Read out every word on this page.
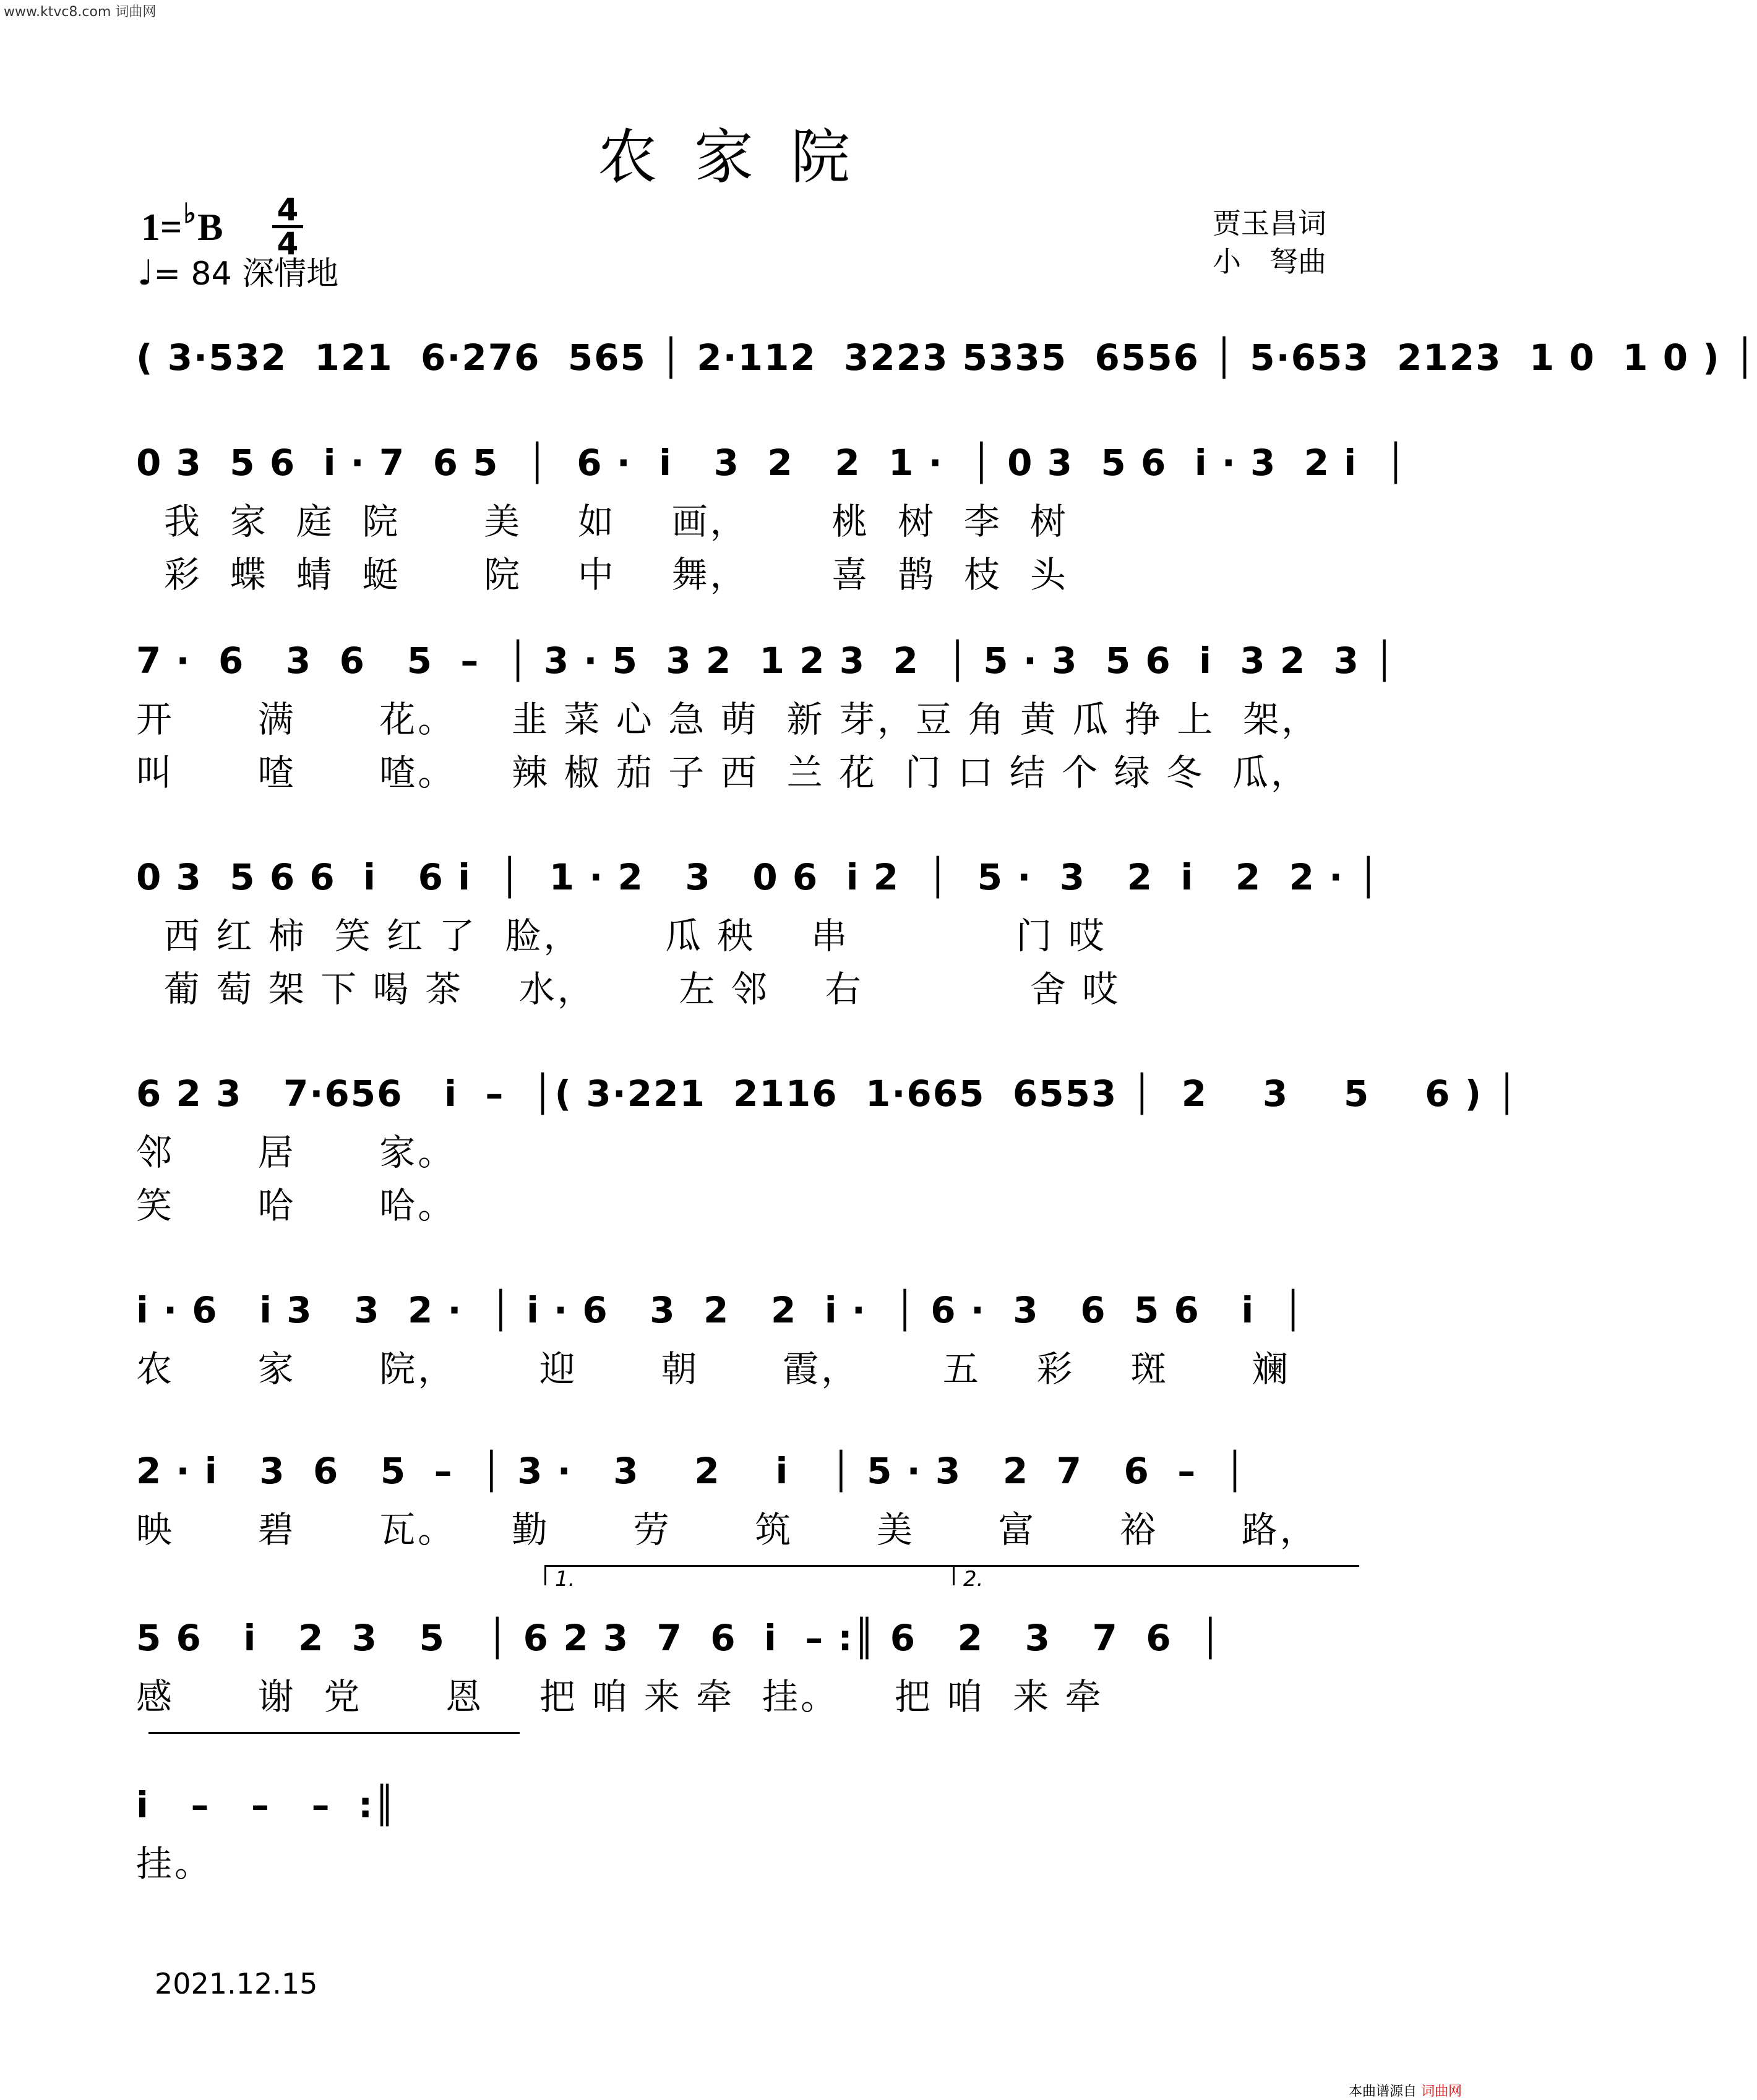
www.ktvc8.com 词曲网
农家院
1=♭B 4
4
♩= 84 深情地
贾玉昌词
小　弩曲
( 3·532  121  6·276  565 │ 2·112  3223 5335  6556 │ 5·653  2123  1 0  1 0 ) │
0 3  5 6  i · 7  6 5  │  6 ·  i   3  2   2  1 ·  │ 0 3  5 6  i · 3  2 i  │
我  家  庭  院      美    如    画，      桃  树  李  树
彩  蝶  蜻  蜓      院    中    舞，      喜  鹊  枝  头
7 ·  6   3  6   5  –  │ 3 · 5  3 2  1 2 3  2  │ 5 · 3  5 6  i  3 2  3 │
开      满      花。    韭 菜 心 急 萌  新 芽，豆 角 黄 瓜 挣 上  架，
叫      喳      喳。    辣 椒 茄 子 西  兰 花  门 口 结 个 绿 冬  瓜，
0 3  5 6 6  i   6 i  │  1 · 2   3   0 6  i 2  │  5 ·  3   2  i   2  2 · │
西 红 柿  笑 红 了  脸，      瓜 秧    串            门 哎
葡 萄 架 下 喝 茶    水，      左 邻    右            舍 哎
6 2 3   7·656   i  –  │( 3·221  2116  1·665  6553 │  2    3    5    6 ) │
邻      居      家。
笑      哈      哈。
i · 6   i 3   3  2 ·  │ i · 6   3  2   2  i ·  │ 6 ·  3   6  5 6   i  │
农      家      院，      迎      朝      霞，      五    彩    斑      斓
2 · i   3  6   5  –  │ 3 ·   3    2    i   │ 5 · 3   2  7   6  –  │
映      碧      瓦。    勤      劳      筑      美      富      裕      路，
1.	2.
5 6   i   2  3   5   │ 6 2 3  7  6  i  – :║ 6   2   3   7  6  │
感      谢  党      恩    把 咱 来 牵  挂。    把 咱  来 牵
i   –   –   –  :║
挂。
2021.12.15
本曲谱源自 词曲网
